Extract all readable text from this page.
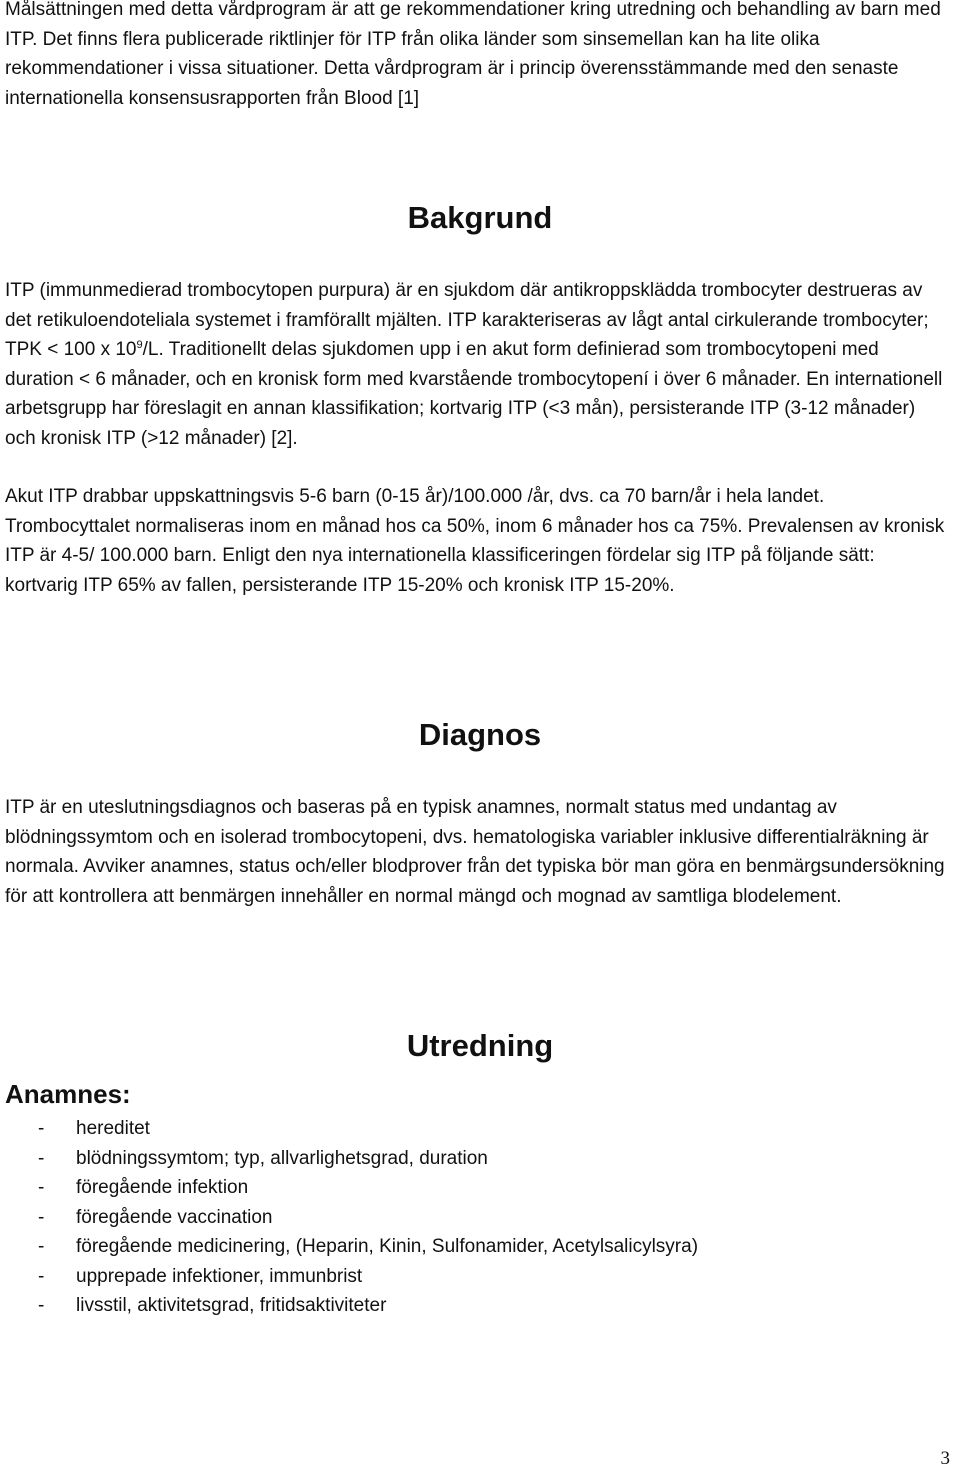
Målsättningen med detta vårdprogram är att ge rekommendationer kring utredning och behandling av barn med ITP. Det finns flera publicerade riktlinjer för ITP från olika länder som sinsemellan kan ha lite olika rekommendationer i vissa situationer. Detta vårdprogram är i princip överensstämmande med den senaste internationella konsensusrapporten från Blood [1]

Bakgrund

ITP (immunmedierad trombocytopen purpura) är en sjukdom där antikroppsklädda trombocyter destrueras av det retikuloendoteliala systemet i framförallt mjälten. ITP karakteriseras av lågt antal cirkulerande trombocyter; TPK < 100 x $10^9/L$. Traditionellt delas sjukdomen upp i en akut form definierad som trombocytopeni med duration < 6 månader, och en kronisk form med kvarstående trombocytopení i över 6 månader. En internationell arbetsgrupp har föreslagit en annan klassifikation; kortvarig ITP (<3 mån), persisterande ITP (3-12 månader) och kronisk ITP (>12 månader) [2].

Akut ITP drabbar uppskattningsvis 5-6 barn (0-15 år)/100.000 /år, dvs. ca 70 barn/år i hela landet. Trombocyttalet normaliseras inom en månad hos ca 50%, inom 6 månader hos ca 75%. Prevalensen av kronisk ITP är 4-5/ 100.000 barn. Enligt den nya internationella klassificeringen fördelar sig ITP på följande sätt: kortvarig ITP 65% av fallen, persisterande ITP 15-20% och kronisk ITP 15-20%.

Diagnos

ITP är en uteslutningsdiagnos och baseras på en typisk anamnes, normalt status med undantag av blödningssymtom och en isolerad trombocytopeni, dvs. hematologiska variabler inklusive differentialräkning är normala. Avviker anamnes, status och/eller blodprover från det typiska bör man göra en benmärgsundersökning för att kontrollera att benmärgen innehåller en normal mängd och mognad av samtliga blodelement.

Utredning
Anamnes:
-	hereditet
-	blödningssymtom; typ, allvarlighetsgrad, duration
-	föregående infektion
-	föregående vaccination
-	föregående medicinering, (Heparin, Kinin, Sulfonamider, Acetylsalicylsyra)
-	upprepade infektioner, immunbrist
-	livsstil, aktivitetsgrad, fritidsaktiviteter
3
